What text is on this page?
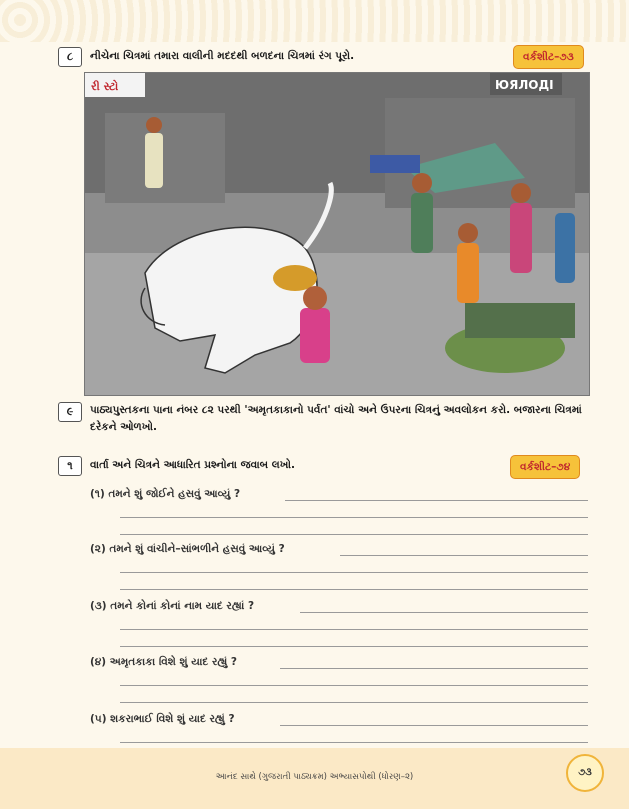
૮	નીચેના ચિત્રમાં તમારા વાલીની મદદથી બળદના ચિત્રમાં રંગ પૂરો.	વર્કશીટ–૭૩
રી સ્ટો	ЮЯЛОДІ
૯	પાઠ્યપુસ્તકના પાના નંબર ૮૨ પરથી 'અમૃતકાકાનો પર્વત' વાંચો અને ઉપરના ચિત્રનું અવલોકન કરો. બજારના ચિત્રમાં દરેકને ઓળખો.
૧	વાર્તા અને ચિત્રને આધારિત પ્રશ્નોના જવાબ લખો.	વર્કશીટ–૭૪
(૧) તમને શું જોઈને હસવું આવ્યું ?
(૨) તમને શું વાંચીને–સાંભળીને હસવું આવ્યું ?
(૩) તમને કોનાં કોનાં નામ યાદ રહ્યાં ?
(૪) અમૃતકાકા વિશે શું યાદ રહ્યું ?
(૫) શકરાભાઈ વિશે શું યાદ રહ્યું ?
આનંદ સાથે (ગુજરાતી પાઠ્યક્રમ) અભ્યાસપોથી (ધોરણ–૨)	૭૩
